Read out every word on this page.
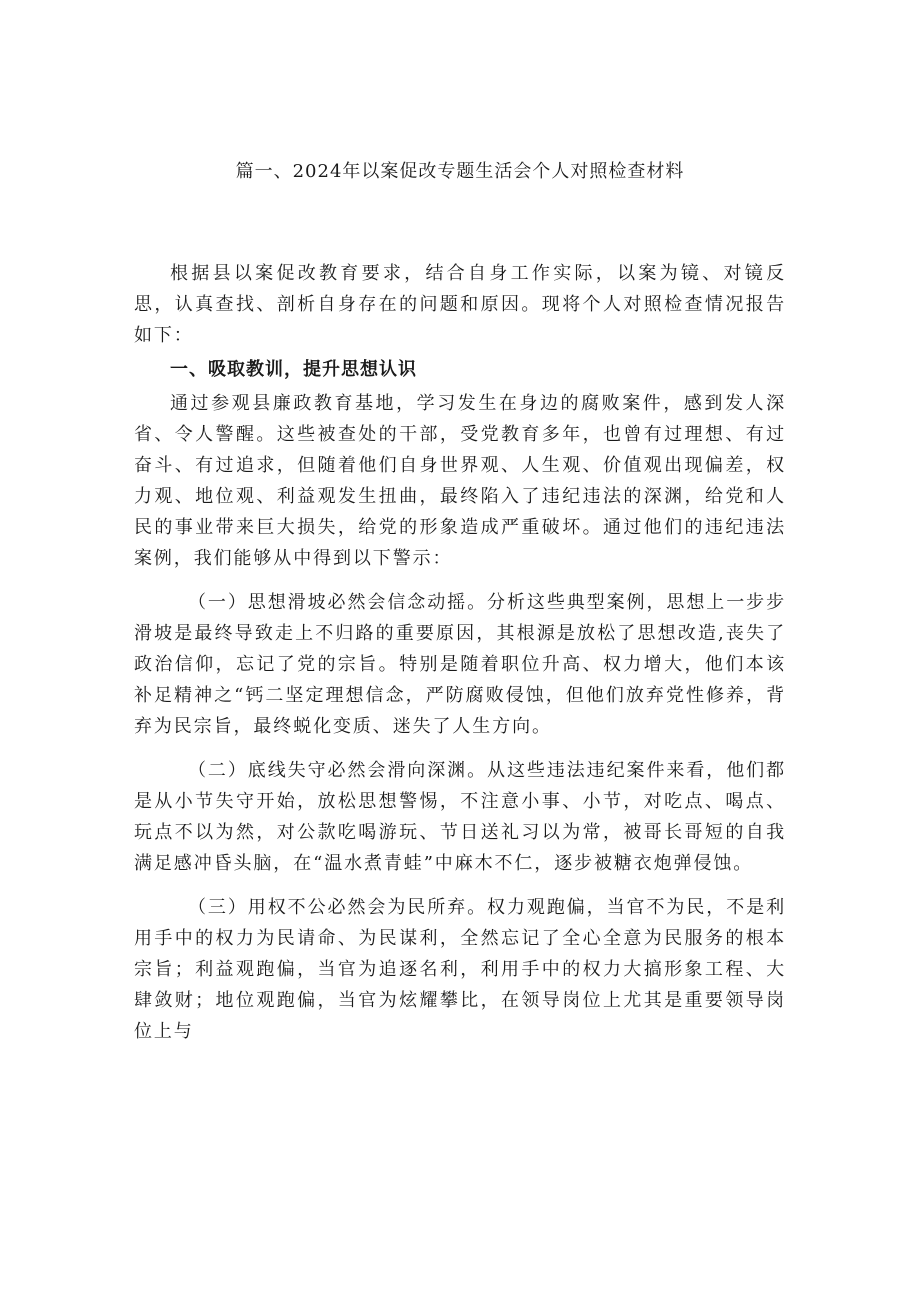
篇一、2024年以案促改专题生活会个人对照检查材料

根据县以案促改教育要求，结合自身工作实际，以案为镜、对镜反思，认真查找、剖析自身存在的问题和原因。现将个人对照检查情况报告如下：

一、吸取教训，提升思想认识

通过参观县廉政教育基地，学习发生在身边的腐败案件，感到发人深省、令人警醒。这些被查处的干部，受党教育多年，也曾有过理想、有过奋斗、有过追求，但随着他们自身世界观、人生观、价值观出现偏差，权力观、地位观、利益观发生扭曲，最终陷入了违纪违法的深渊，给党和人民的事业带来巨大损失，给党的形象造成严重破坏。通过他们的违纪违法案例，我们能够从中得到以下警示：

（一）思想滑坡必然会信念动摇。分析这些典型案例，思想上一步步滑坡是最终导致走上不归路的重要原因，其根源是放松了思想改造,丧失了政治信仰，忘记了党的宗旨。特别是随着职位升高、权力增大，他们本该补足精神之“钙二坚定理想信念，严防腐败侵蚀，但他们放弃党性修养，背弃为民宗旨，最终蜕化变质、迷失了人生方向。

（二）底线失守必然会滑向深渊。从这些违法违纪案件来看，他们都是从小节失守开始，放松思想警惕，不注意小事、小节，对吃点、喝点、玩点不以为然，对公款吃喝游玩、节日送礼习以为常，被哥长哥短的自我满足感冲昏头脑，在“温水煮青蛙”中麻木不仁，逐步被糖衣炮弹侵蚀。

（三）用权不公必然会为民所弃。权力观跑偏，当官不为民，不是利用手中的权力为民请命、为民谋利，全然忘记了全心全意为民服务的根本宗旨；利益观跑偏，当官为追逐名利，利用手中的权力大搞形象工程、大肆敛财；地位观跑偏，当官为炫耀攀比，在领导岗位上尤其是重要领导岗位上与
